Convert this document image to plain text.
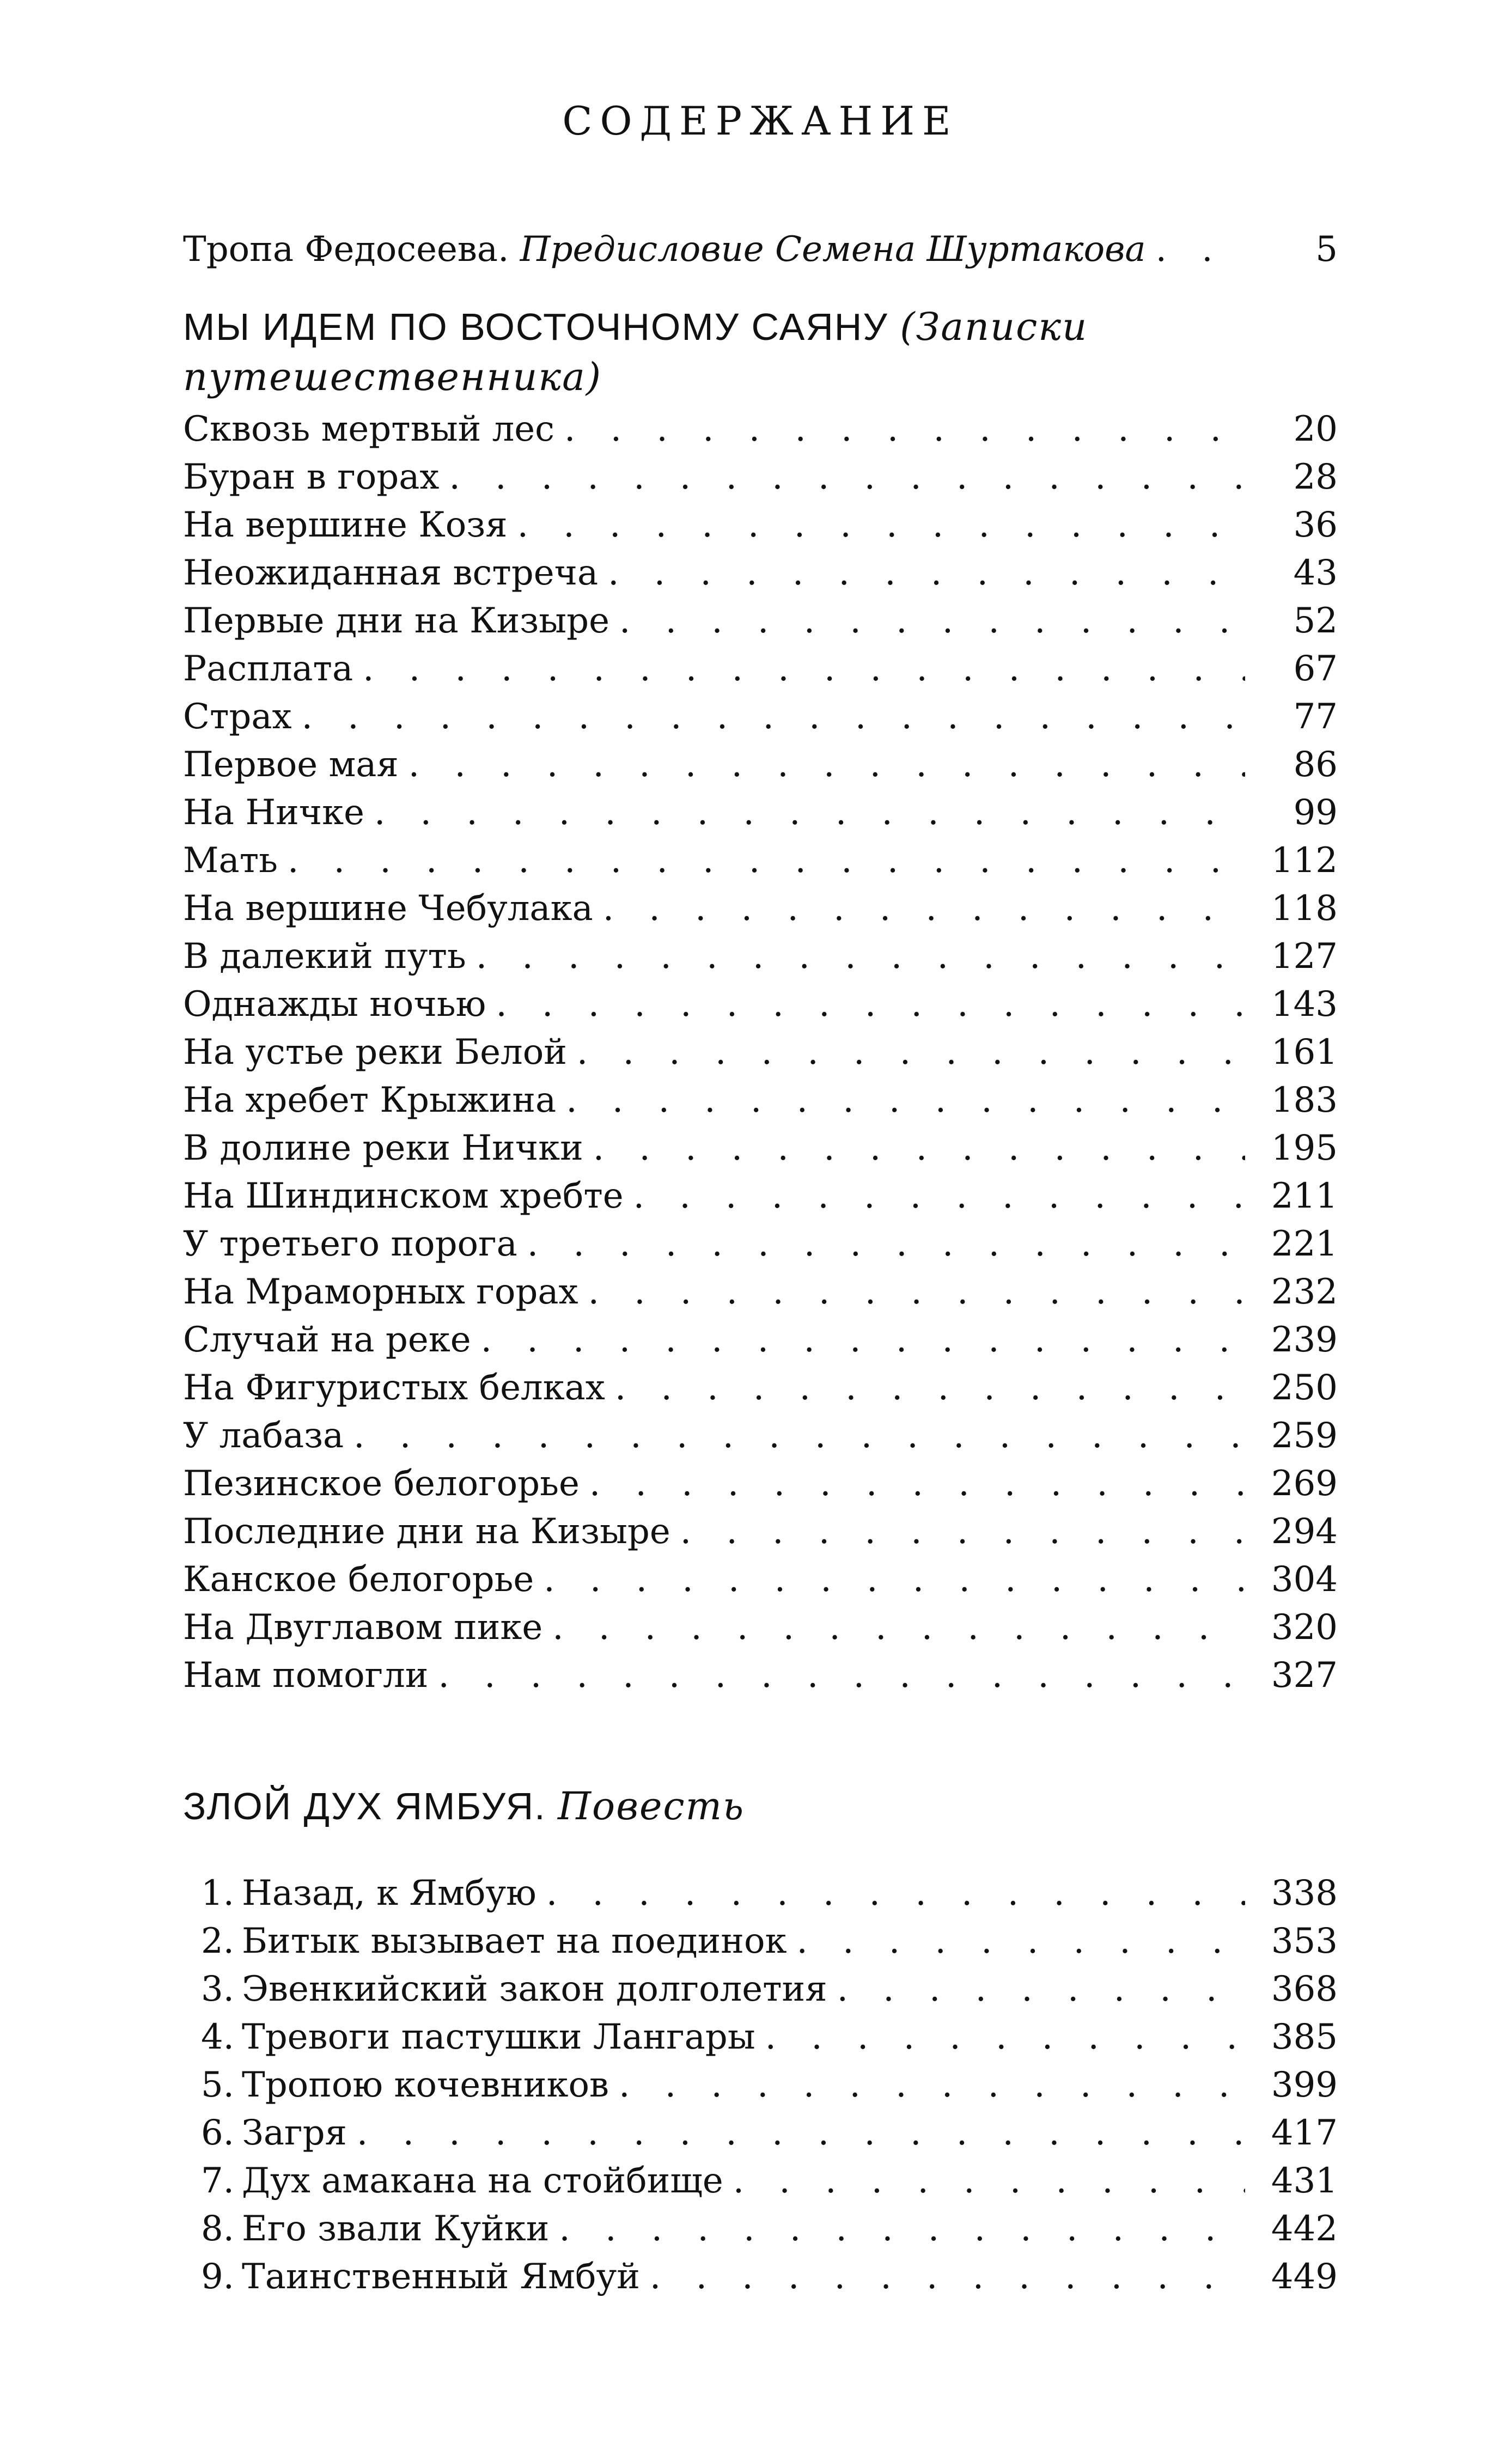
СОДЕРЖАНИЕ
Тропа Федосеева. Предисловие Семена Шуртакова . . .	5
МЫ ИДЕМ ПО ВОСТОЧНОМУ САЯНУ (Записки путешественника)
Сквозь мертвый лес . . .	20
Буран в горах . . .	28
На вершине Козя . . .	36
Неожиданная встреча . . .	43
Первые дни на Кизыре . . .	52
Расплата . . .	67
Страх . . .	77
Первое мая . . .	86
На Ничке . . .	99
Мать . . .	112
На вершине Чебулака . . .	118
В далекий путь . . .	127
Однажды ночью . . .	143
На устье реки Белой . . .	161
На хребет Крыжина . . .	183
В долине реки Нички . . .	195
На Шиндинском хребте . . .	211
У третьего порога . . .	221
На Мраморных горах . . .	232
Случай на реке . . .	239
На Фигуристых белках . . .	250
У лабаза . . .	259
Пезинское белогорье . . .	269
Последние дни на Кизыре . . .	294
Канское белогорье . . .	304
На Двуглавом пике . . .	320
Нам помогли . . .	327
ЗЛОЙ ДУХ ЯМБУЯ. Повесть
1. Назад, к Ямбую . . .	338
2. Битык вызывает на поединок . . .	353
3. Эвенкийский закон долголетия . . .	368
4. Тревоги пастушки Лангары . . .	385
5. Тропою кочевников . . .	399
6. Загря . . .	417
7. Дух амакана на стойбище . . .	431
8. Его звали Куйки . . .	442
9. Таинственный Ямбуй . . .	449
